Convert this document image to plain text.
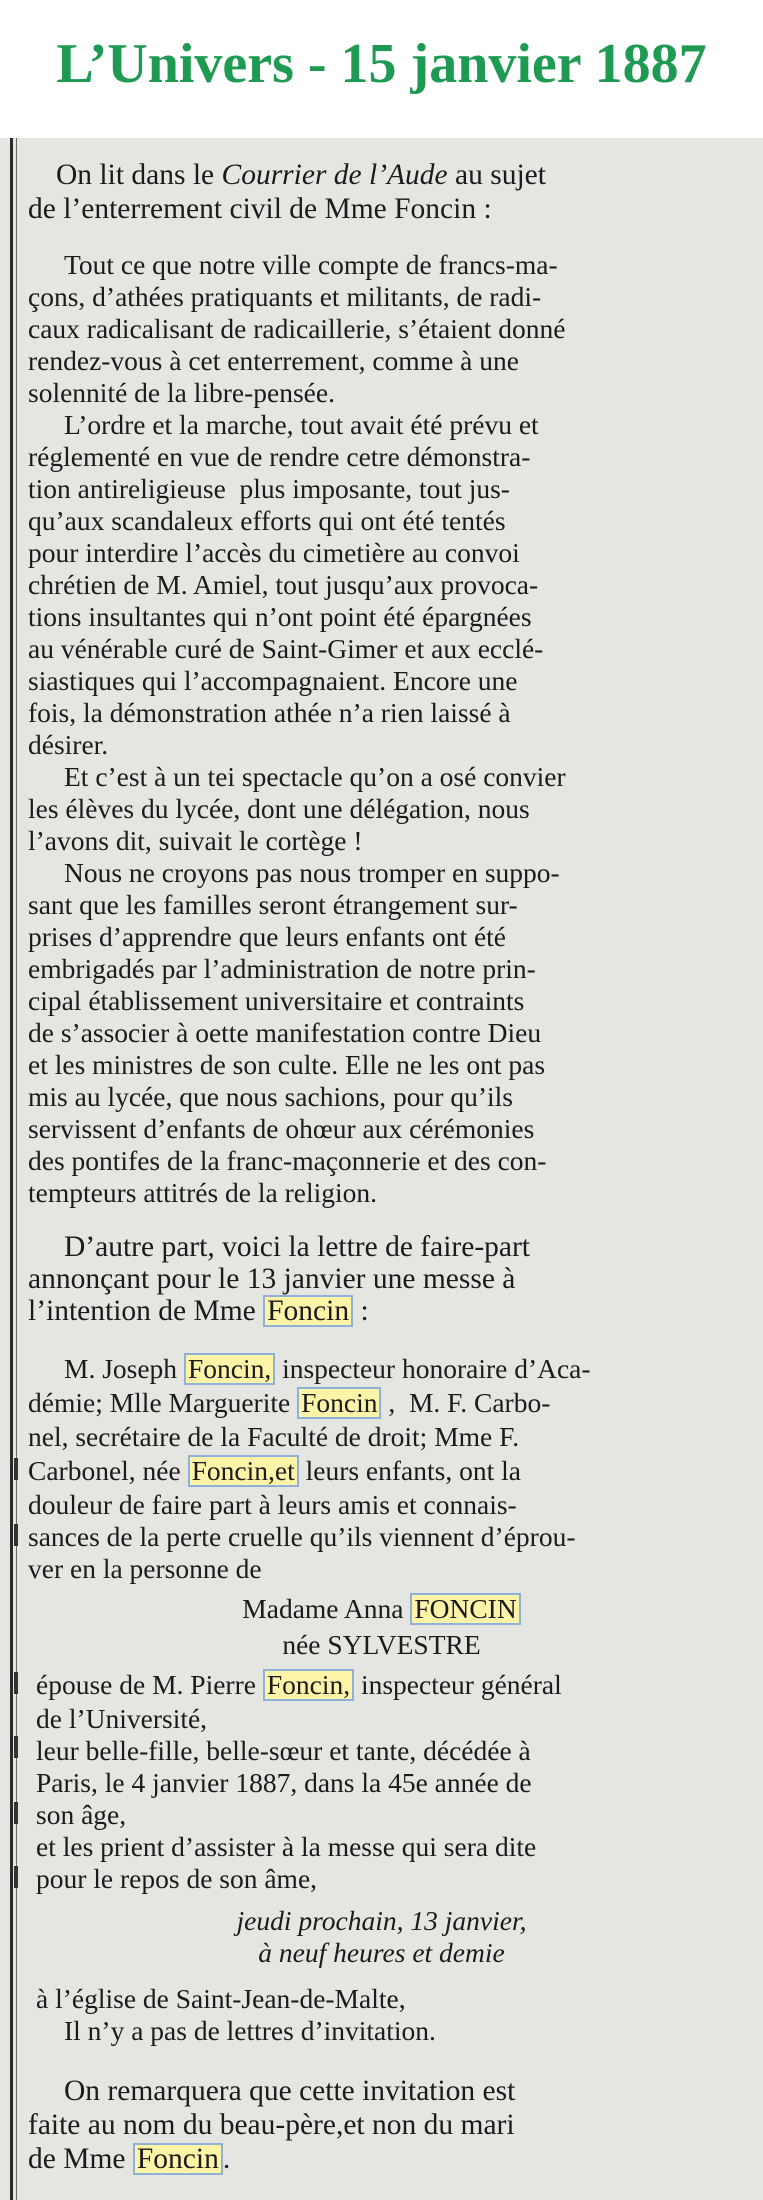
L’Univers - 15 janvier 1887
On lit dans le Courrier de l’Aude au sujet
de l’enterrement civil de Mme Foncin :
Tout ce que notre ville compte de francs-ma-
çons, d’athées pratiquants et militants, de radi-
caux radicalisant de radicaillerie, s’étaient donné
rendez-vous à cet enterrement, comme à une
solennité de la libre-pensée.
L’ordre et la marche, tout avait été prévu et
réglementé en vue de rendre cetre démonstra-
tion antireligieuse  plus imposante, tout jus-
qu’aux scandaleux efforts qui ont été tentés
pour interdire l’accès du cimetière au convoi
chrétien de M. Amiel, tout jusqu’aux provoca-
tions insultantes qui n’ont point été épargnées
au vénérable curé de Saint-Gimer et aux ecclé-
siastiques qui l’accompagnaient. Encore une
fois, la démonstration athée n’a rien laissé à
désirer.
Et c’est à un tei spectacle qu’on a osé convier
les élèves du lycée, dont une délégation, nous
l’avons dit, suivait le cortège !
Nous ne croyons pas nous tromper en suppo-
sant que les familles seront étrangement sur-
prises d’apprendre que leurs enfants ont été
embrigadés par l’administration de notre prin-
cipal établissement universitaire et contraints
de s’associer à oette manifestation contre Dieu
et les ministres de son culte. Elle ne les ont pas
mis au lycée, que nous sachions, pour qu’ils
servissent d’enfants de ohœur aux cérémonies
des pontifes de la franc-maçonnerie et des con-
tempteurs attitrés de la religion.
D’autre part, voici la lettre de faire-part
annonçant pour le 13 janvier une messe à
l’intention de Mme Foncin :
M. Joseph Foncin, inspecteur honoraire d’Aca-
démie; Mlle Marguerite Foncin ,  M. F. Carbo-
nel, secrétaire de la Faculté de droit; Mme F.
Carbonel, née Foncin,et leurs enfants, ont la
douleur de faire part à leurs amis et connais-
sances de la perte cruelle qu’ils viennent d’éprou-
ver en la personne de
Madame Anna FONCIN
née SYLVESTRE
épouse de M. Pierre Foncin, inspecteur général
de l’Université,
leur belle-fille, belle-sœur et tante, décédée à
Paris, le 4 janvier 1887, dans la 45e année de
son âge,
et les prient d’assister à la messe qui sera dite
pour le repos de son âme,
jeudi prochain, 13 janvier,
à neuf heures et demie
à l’église de Saint-Jean-de-Malte,
Il n’y a pas de lettres d’invitation.
On remarquera que cette invitation est
faite au nom du beau-père,et non du mari
de Mme Foncin .
